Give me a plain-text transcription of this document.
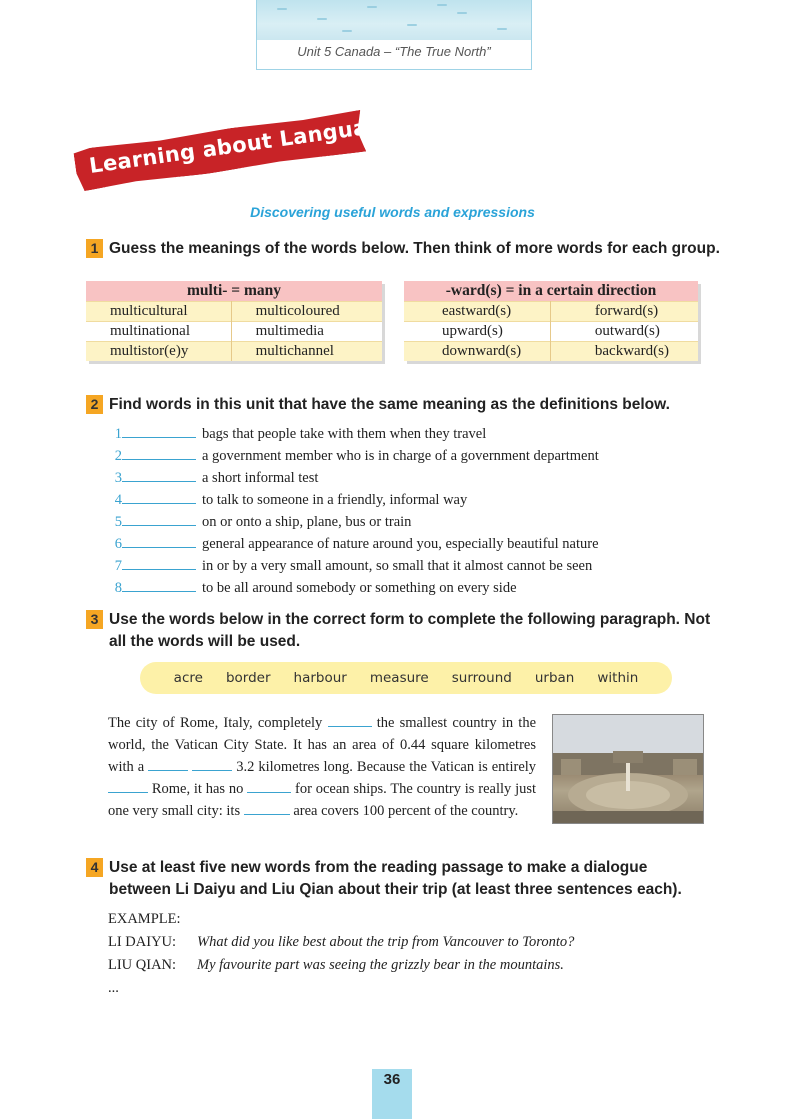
Unit 5 Canada – “The True North”
Learning about Language
Discovering useful words and expressions
1 Guess the meanings of the words below. Then think of more words for each group.
multi- = many	
multicultural	multicoloured
multinational	multimedia
multistor(e)y	multichannel
-ward(s) = in a certain direction	
eastward(s)	forward(s)
upward(s)	outward(s)
downward(s)	backward(s)
2 Find words in this unit that have the same meaning as the definitions below.
1	bags that people take with them when they travel
2	a government member who is in charge of a government department
3	a short informal test
4	to talk to someone in a friendly, informal way
5	on or onto a ship, plane, bus or train
6	general appearance of nature around you, especially beautiful nature
7	in or by a very small amount, so small that it almost cannot be seen
8	to be all around somebody or something on every side
3 Use the words below in the correct form to complete the following paragraph. Not
all the words will be used.
acre border harbour measure surround urban within
The city of Rome, Italy, completely	the smallest country in the world, the Vatican City State. It has an area of 0.44 square kilometres with a	3.2 kilometres long. Because the Vatican is entirely  Rome, it has no	for ocean ships. The country is really just one very small city: its	area covers 100 percent of the country.
4 Use at least five new words from the reading passage to make a dialogue
between Li Daiyu and Liu Qian about their trip (at least three sentences each).
EXAMPLE:
LI DAIYU: What did you like best about the trip from Vancouver to Toronto?
LIU QIAN: My favourite part was seeing the grizzly bear in the mountains.
...
36
